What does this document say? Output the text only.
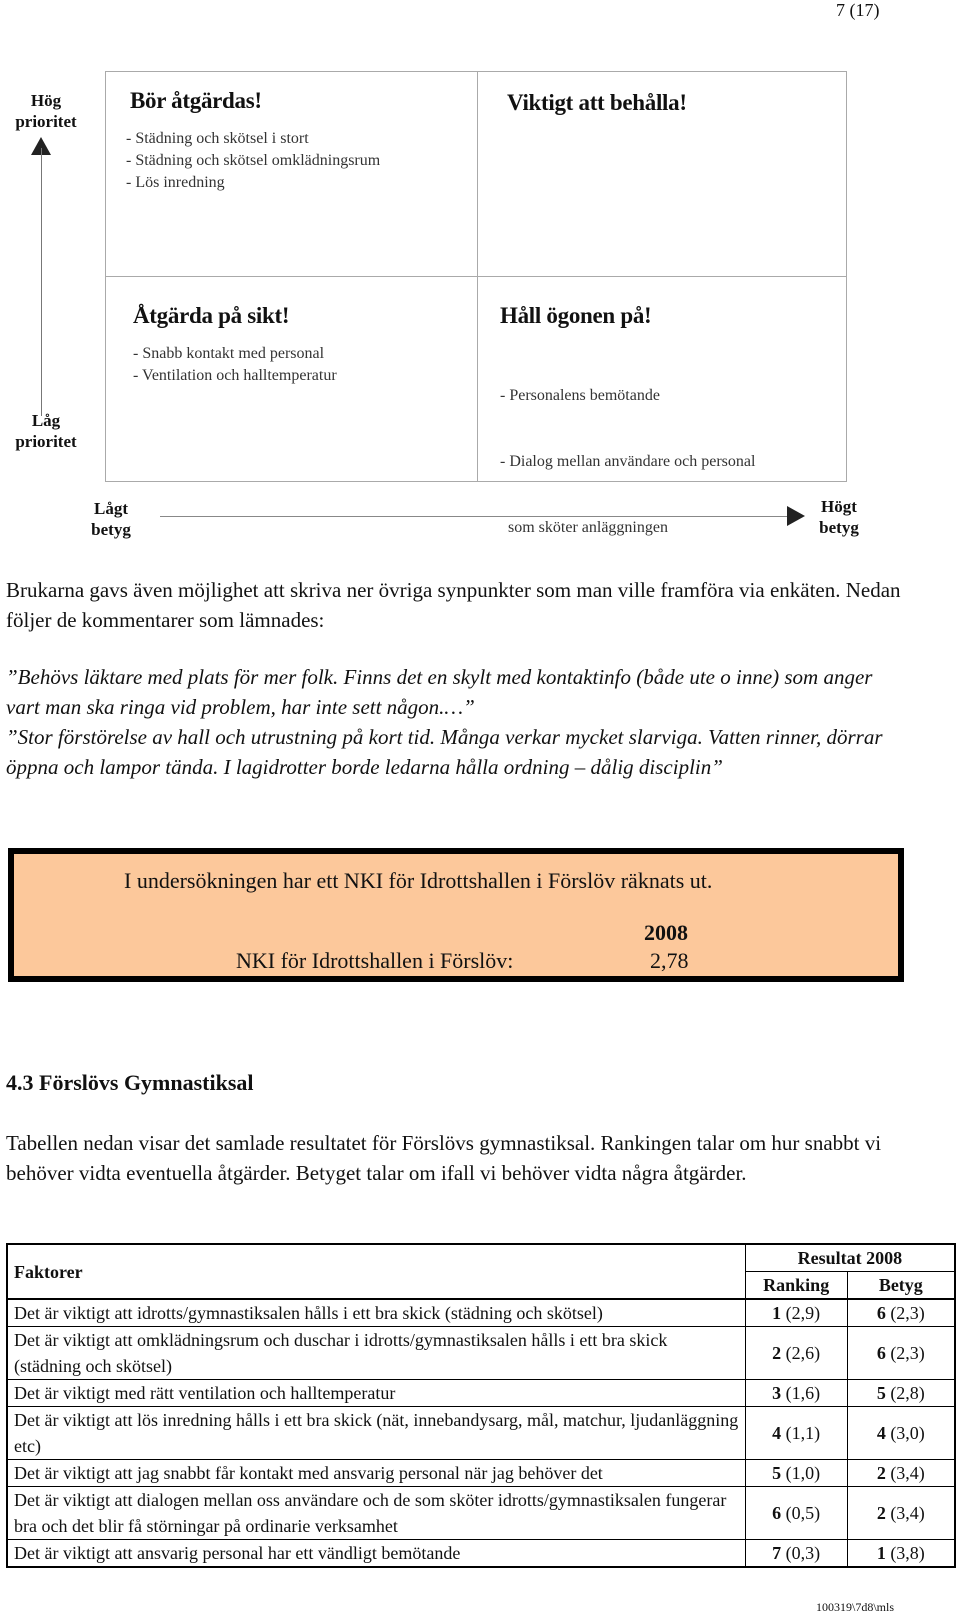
7 (17)
Hög
prioritet
Låg
prioritet
Bör åtgärdas!
- Städning och skötsel i stort
- Städning och skötsel omklädningsrum
- Lös inredning
Viktigt att behålla!
Åtgärda på sikt!
- Snabb kontakt med personal
- Ventilation och halltemperatur
Håll ögonen på!

- Personalens bemötande

- Dialog mellan användare och personal

som sköter anläggningen

Lågt
betyg
Högt
betyg
Brukarna gavs även möjlighet att skriva ner övriga synpunkter som man ville framföra via enkäten. Nedan följer de kommentarer som lämnades:
”Behövs läktare med plats för mer folk. Finns det en skylt med kontaktinfo (både ute o inne) som anger vart man ska ringa vid problem, har inte sett någon.…”
”Stor förstörelse av hall och utrustning på kort tid. Många verkar mycket slarviga. Vatten rinner, dörrar öppna och lampor tända. I lagidrotter borde ledarna hålla ordning – dålig disciplin”
I undersökningen har ett NKI för Idrottshallen i Förslöv räknats ut.
2008
NKI för Idrottshallen i Förslöv:	2,78
4.3 Förslövs Gymnastiksal
Tabellen nedan visar det samlade resultatet för Förslövs gymnastiksal. Rankingen talar om hur snabbt vi behöver vidta eventuella åtgärder. Betyget talar om ifall vi behöver vidta några åtgärder.
Faktorer	Resultat 2008	
	Ranking	Betyg
Det är viktigt att idrotts/gymnastiksalen hålls i ett bra skick (städning och skötsel)	1 (2,9)	6 (2,3)
Det är viktigt att omklädningsrum och duschar i idrotts/gymnastiksalen hålls i ett bra skick (städning och skötsel)	2 (2,6)	6 (2,3)
Det är viktigt med rätt ventilation och halltemperatur	3 (1,6)	5 (2,8)
Det är viktigt att lös inredning hålls i ett bra skick (nät, innebandysarg, mål, matchur, ljudanläggning etc)	4 (1,1)	4 (3,0)
Det är viktigt att jag snabbt får kontakt med ansvarig personal när jag behöver det	5 (1,0)	2 (3,4)
Det är viktigt att dialogen mellan oss användare och de som sköter idrotts/gymnastiksalen fungerar bra och det blir få störningar på ordinarie verksamhet	6 (0,5)	2 (3,4)
Det är viktigt att ansvarig personal har ett vändligt bemötande	7 (0,3)	1 (3,8)
100319\7d8\mls
